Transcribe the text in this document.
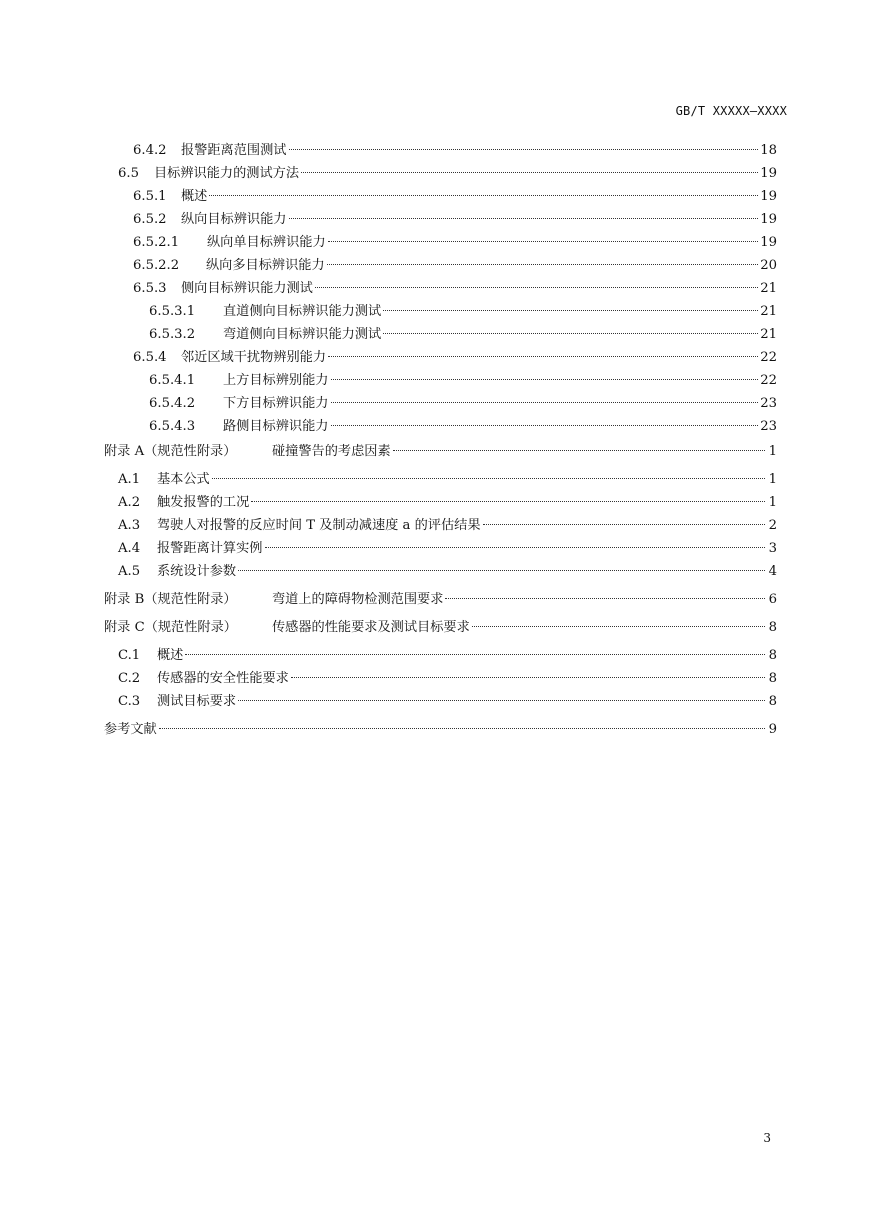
GB/T XXXXX—XXXX
6.4.2	报警距离范围测试	18
6.5	目标辨识能力的测试方法	19
6.5.1	概述	19
6.5.2	纵向目标辨识能力	19
6.5.2.1	纵向单目标辨识能力	19
6.5.2.2	纵向多目标辨识能力	20
6.5.3	侧向目标辨识能力测试	21
6.5.3.1	直道侧向目标辨识能力测试	21
6.5.3.2	弯道侧向目标辨识能力测试	21
6.5.4	邻近区域干扰物辨别能力	22
6.5.4.1	上方目标辨别能力	22
6.5.4.2	下方目标辨识能力	23
6.5.4.3	路侧目标辨识能力	23
附录 A（规范性附录）	碰撞警告的考虑因素	1
A.1	基本公式	1
A.2	触发报警的工况	1
A.3	驾驶人对报警的反应时间 T 及制动减速度 a 的评估结果	2
A.4	报警距离计算实例	3
A.5	系统设计参数	4
附录 B（规范性附录）	弯道上的障碍物检测范围要求	6
附录 C（规范性附录）	传感器的性能要求及测试目标要求	8
C.1	概述	8
C.2	传感器的安全性能要求	8
C.3	测试目标要求	8
参考文献	9
3
